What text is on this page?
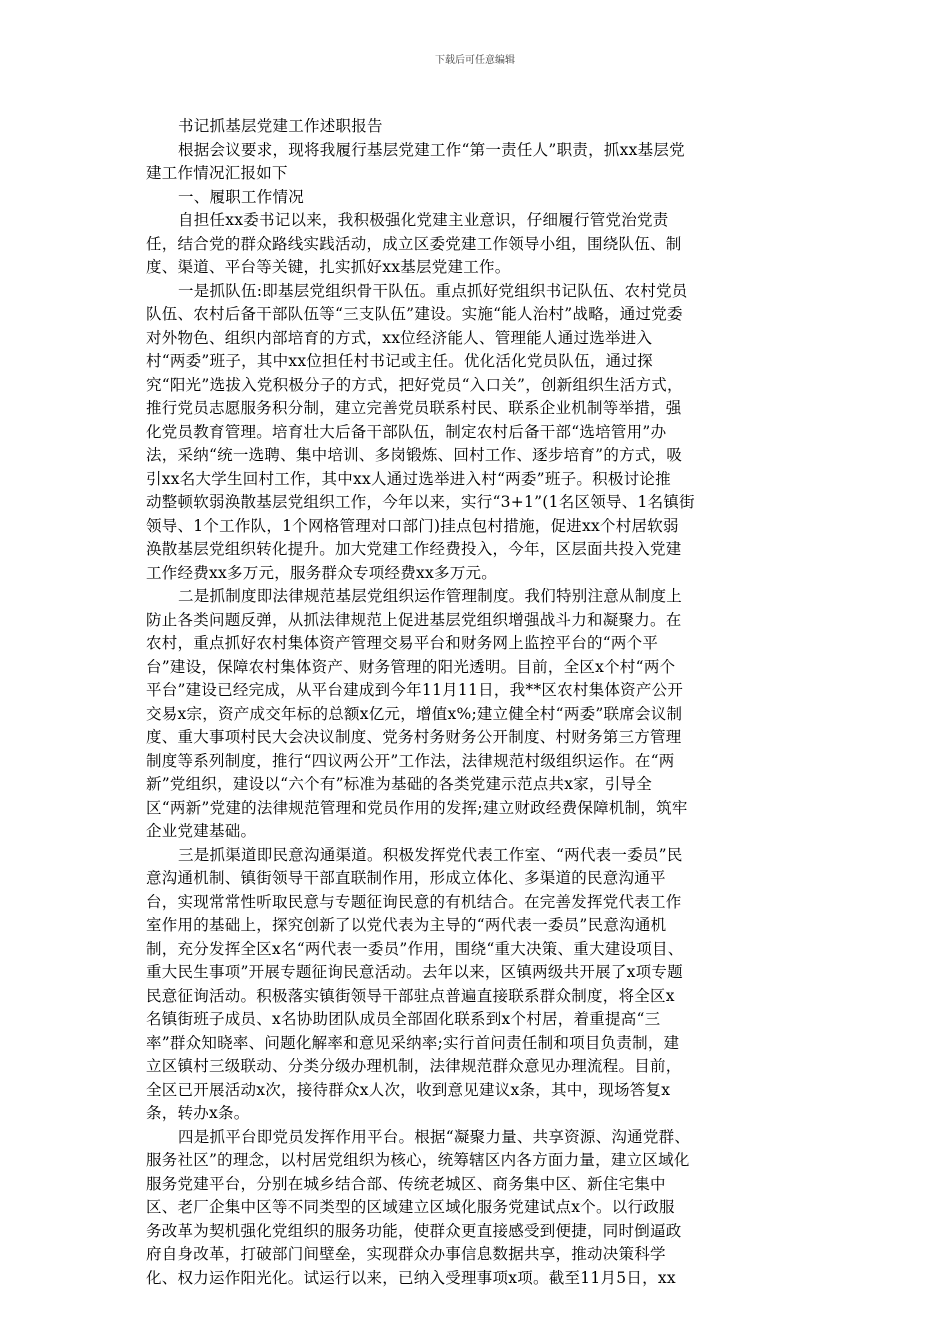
下载后可任意编辑
书记抓基层党建工作述职报告
根据会议要求，现将我履行基层党建工作“第一责任人”职责，抓xx基层党
建工作情况汇报如下
一、履职工作情况
自担任xx委书记以来，我积极强化党建主业意识，仔细履行管党治党责
任，结合党的群众路线实践活动，成立区委党建工作领导小组，围绕队伍、制
度、渠道、平台等关键，扎实抓好xx基层党建工作。
一是抓队伍:即基层党组织骨干队伍。重点抓好党组织书记队伍、农村党员
队伍、农村后备干部队伍等“三支队伍”建设。实施“能人治村”战略，通过党委
对外物色、组织内部培育的方式，xx位经济能人、管理能人通过选举进入
村“两委”班子，其中xx位担任村书记或主任。优化活化党员队伍，通过探
究“阳光”选拔入党积极分子的方式，把好党员“入口关”，创新组织生活方式，
推行党员志愿服务积分制，建立完善党员联系村民、联系企业机制等举措，强
化党员教育管理。培育壮大后备干部队伍，制定农村后备干部“选培管用”办
法，采纳“统一选聘、集中培训、多岗锻炼、回村工作、逐步培育”的方式，吸
引xx名大学生回村工作，其中xx人通过选举进入村“两委”班子。积极讨论推
动整顿软弱涣散基层党组织工作，今年以来，实行“3+1”(1名区领导、1名镇街
领导、1个工作队，1个网格管理对口部门)挂点包村措施，促进xx个村居软弱
涣散基层党组织转化提升。加大党建工作经费投入，今年，区层面共投入党建
工作经费xx多万元，服务群众专项经费xx多万元。
二是抓制度即法律规范基层党组织运作管理制度。我们特别注意从制度上
防止各类问题反弹，从抓法律规范上促进基层党组织增强战斗力和凝聚力。在
农村，重点抓好农村集体资产管理交易平台和财务网上监控平台的“两个平
台”建设，保障农村集体资产、财务管理的阳光透明。目前，全区x个村“两个
平台”建设已经完成，从平台建成到今年11月11日，我**区农村集体资产公开
交易x宗，资产成交年标的总额x亿元，增值x%;建立健全村“两委”联席会议制
度、重大事项村民大会决议制度、党务村务财务公开制度、村财务第三方管理
制度等系列制度，推行“四议两公开”工作法，法律规范村级组织运作。在“两
新”党组织，建设以“六个有”标准为基础的各类党建示范点共x家，引导全
区“两新”党建的法律规范管理和党员作用的发挥;建立财政经费保障机制，筑牢
企业党建基础。
三是抓渠道即民意沟通渠道。积极发挥党代表工作室、“两代表一委员”民
意沟通机制、镇街领导干部直联制作用，形成立体化、多渠道的民意沟通平
台，实现常常性听取民意与专题征询民意的有机结合。在完善发挥党代表工作
室作用的基础上，探究创新了以党代表为主导的“两代表一委员”民意沟通机
制，充分发挥全区x名“两代表一委员”作用，围绕“重大决策、重大建设项目、
重大民生事项”开展专题征询民意活动。去年以来，区镇两级共开展了x项专题
民意征询活动。积极落实镇街领导干部驻点普遍直接联系群众制度，将全区x
名镇街班子成员、x名协助团队成员全部固化联系到x个村居，着重提高“三
率”群众知晓率、问题化解率和意见采纳率;实行首问责任制和项目负责制，建
立区镇村三级联动、分类分级办理机制，法律规范群众意见办理流程。目前，
全区已开展活动x次，接待群众x人次，收到意见建议x条，其中，现场答复x
条，转办x条。
四是抓平台即党员发挥作用平台。根据“凝聚力量、共享资源、沟通党群、
服务社区”的理念，以村居党组织为核心，统筹辖区内各方面力量，建立区域化
服务党建平台，分别在城乡结合部、传统老城区、商务集中区、新住宅集中
区、老厂企集中区等不同类型的区域建立区域化服务党建试点x个。以行政服
务改革为契机强化党组织的服务功能，使群众更直接感受到便捷，同时倒逼政
府自身改革，打破部门间壁垒，实现群众办事信息数据共享，推动决策科学
化、权力运作阳光化。试运行以来，已纳入受理事项x项。截至11月5日，xx
